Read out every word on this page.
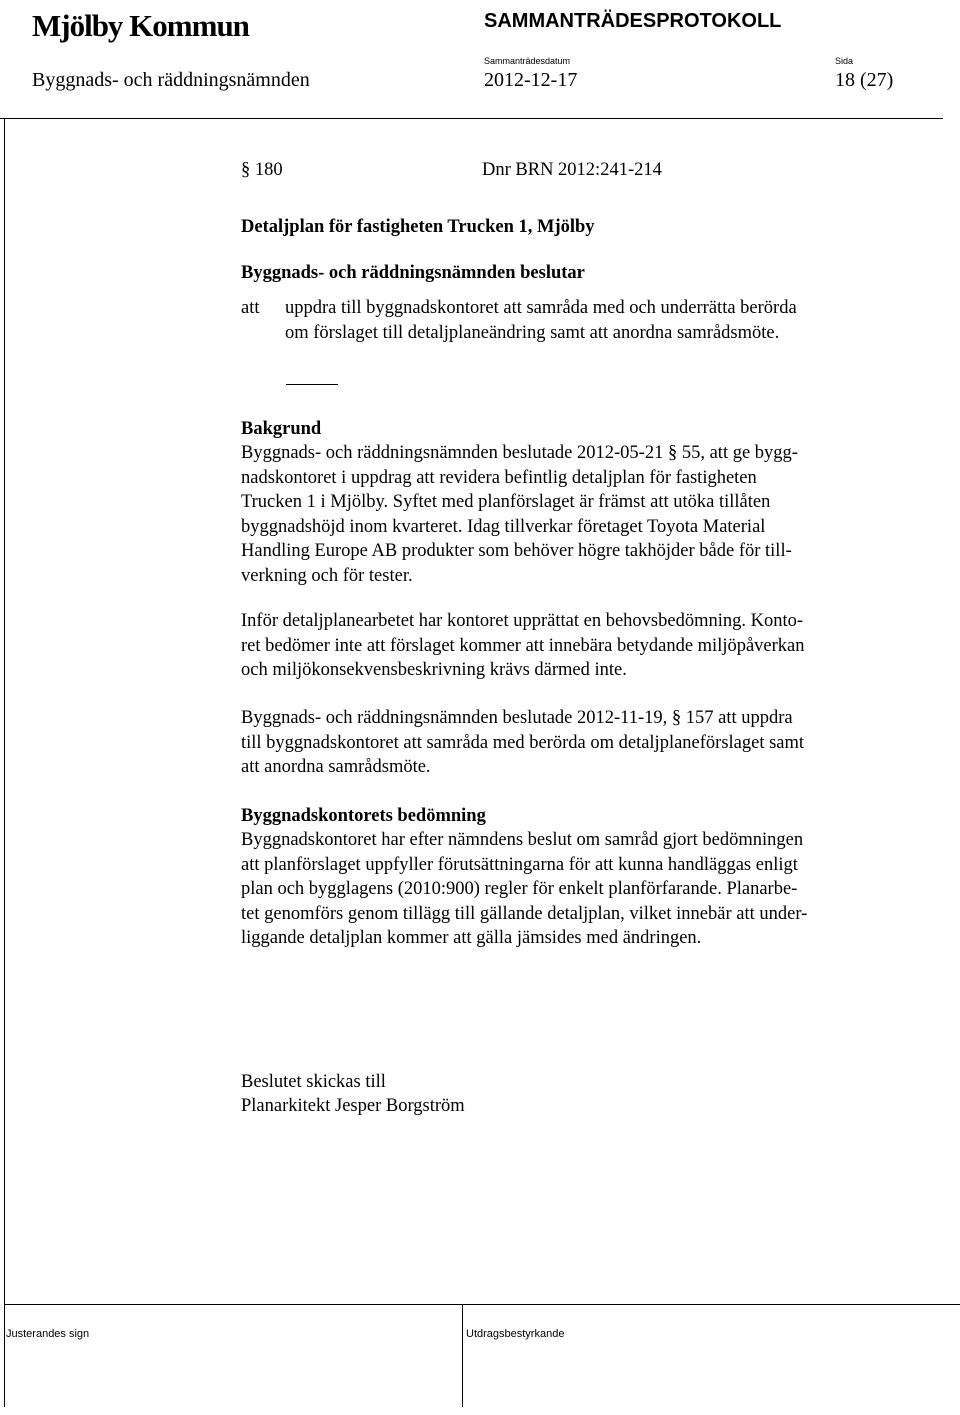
Mjölby Kommun	SAMMANTRÄDESPROTOKOLL
Sammanträdesdatum	Sida
Byggnads- och räddningsnämnden	2012-12-17	18 (27)
§ 180	Dnr BRN 2012:241-214
Detaljplan för fastigheten Trucken 1, Mjölby
Byggnads- och räddningsnämnden beslutar
att uppdra till byggnadskontoret att samråda med och underrätta berörda
om förslaget till detaljplaneändring samt att anordna samrådsmöte.
Bakgrund
Byggnads- och räddningsnämnden beslutade 2012-05-21 § 55, att ge bygg-
nadskontoret i uppdrag att revidera befintlig detaljplan för fastigheten
Trucken 1 i Mjölby. Syftet med planförslaget är främst att utöka tillåten
byggnadshöjd inom kvarteret. Idag tillverkar företaget Toyota Material
Handling Europe AB produkter som behöver högre takhöjder både för till-
verkning och för tester.
Inför detaljplanearbetet har kontoret upprättat en behovsbedömning. Konto-
ret bedömer inte att förslaget kommer att innebära betydande miljöpåverkan
och miljökonsekvensbeskrivning krävs därmed inte.
Byggnads- och räddningsnämnden beslutade 2012-11-19, § 157 att uppdra
till byggnadskontoret att samråda med berörda om detaljplaneförslaget samt
att anordna samrådsmöte.
Byggnadskontorets bedömning
Byggnadskontoret har efter nämndens beslut om samråd gjort bedömningen
att planförslaget uppfyller förutsättningarna för att kunna handläggas enligt
plan och bygglagens (2010:900) regler för enkelt planförfarande. Planarbe-
tet genomförs genom tillägg till gällande detaljplan, vilket innebär att under-
liggande detaljplan kommer att gälla jämsides med ändringen.
Beslutet skickas till
Planarkitekt Jesper Borgström
Justerandes sign	Utdragsbestyrkande
